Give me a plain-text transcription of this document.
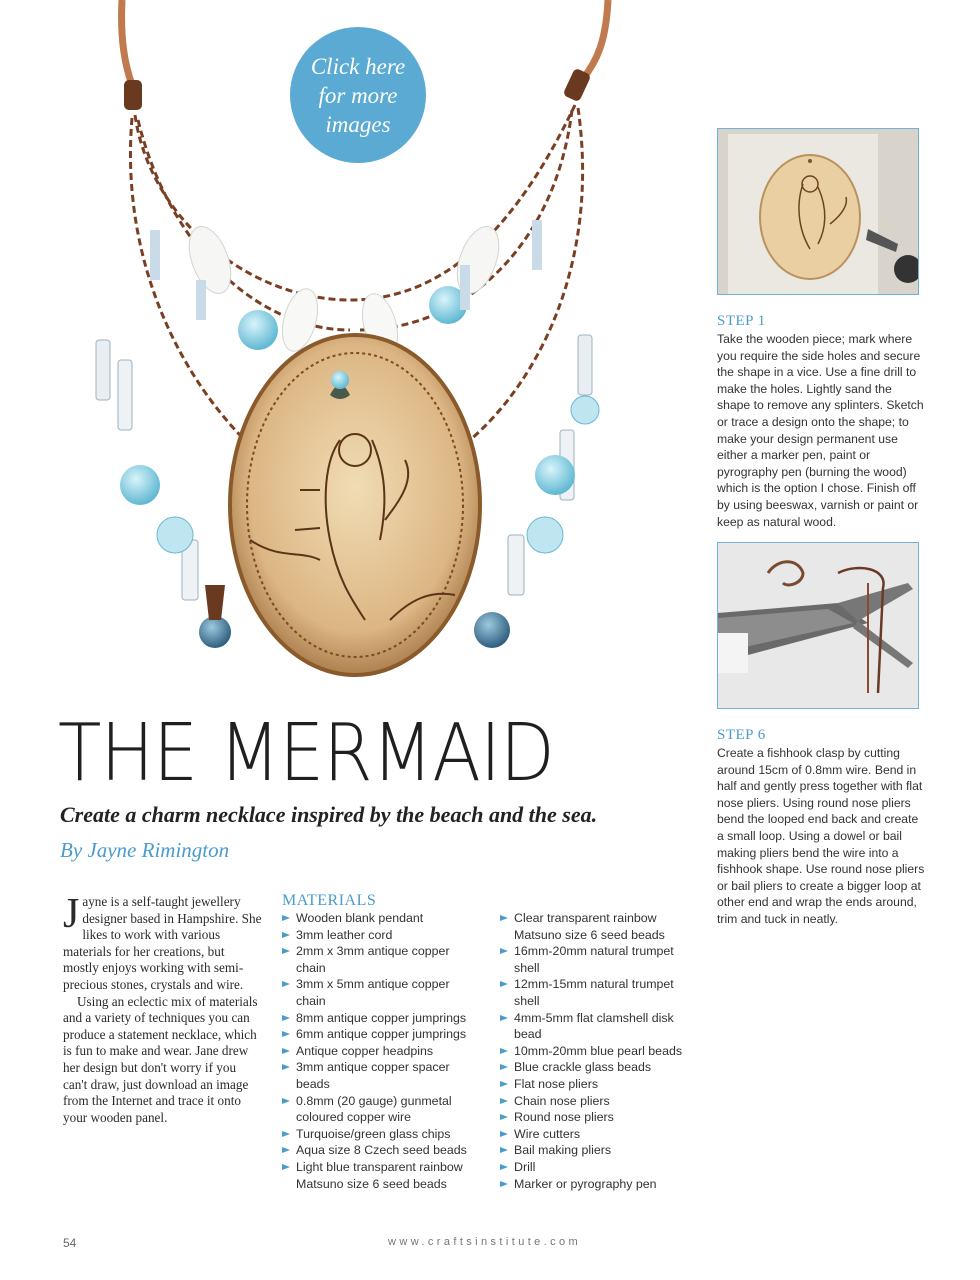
Click here
for more
images
STEP 1
Take the wooden piece; mark where you require the side holes and secure the shape in a vice. Use a fine drill to make the holes. Lightly sand the shape to remove any splinters. Sketch or trace a design onto the shape; to make your design permanent use either a marker pen, paint or pyrography pen (burning the wood) which is the option I chose. Finish off by using beeswax, varnish or paint or keep as natural wood.
STEP 6
Create a fishhook clasp by cutting around 15cm of 0.8mm wire. Bend in half and gently press together with flat nose pliers. Using round nose pliers bend the looped end back and create a small loop. Using a dowel or bail making pliers bend the wire into a fishhook shape. Use round nose pliers or bail pliers to create a bigger loop at other end and wrap the ends around, trim and tuck in neatly.
THE MERMAID
Create a charm necklace inspired by the beach and the sea.
By Jayne Rimington

Jayne is a self-taught jewellery designer based in Hampshire. She likes to work with various materials for her creations, but mostly enjoys working with semi-precious stones, crystals and wire.

Using an eclectic mix of materials and a variety of techniques you can produce a statement necklace, which is fun to make and wear. Jane drew her design but don't worry if you can't draw, just download an image from the Internet and trace it onto your wooden panel.

MATERIALS
Wooden blank pendant
3mm leather cord
2mm x 3mm antique copper chain
3mm x 5mm antique copper chain
8mm antique copper jumprings
6mm antique copper jumprings
Antique copper headpins
3mm antique copper spacer beads
0.8mm (20 gauge) gunmetal coloured copper wire
Turquoise/green glass chips
Aqua size 8 Czech seed beads
Light blue transparent rainbow Matsuno size 6 seed beads
Clear transparent rainbow Matsuno size 6 seed beads
16mm-20mm natural trumpet shell
12mm-15mm natural trumpet shell
4mm-5mm flat clamshell disk bead
10mm-20mm blue pearl beads
Blue crackle glass beads
Flat nose pliers
Chain nose pliers
Round nose pliers
Wire cutters
Bail making pliers
Drill
Marker or pyrography pen
54	www.craftsinstitute.com
